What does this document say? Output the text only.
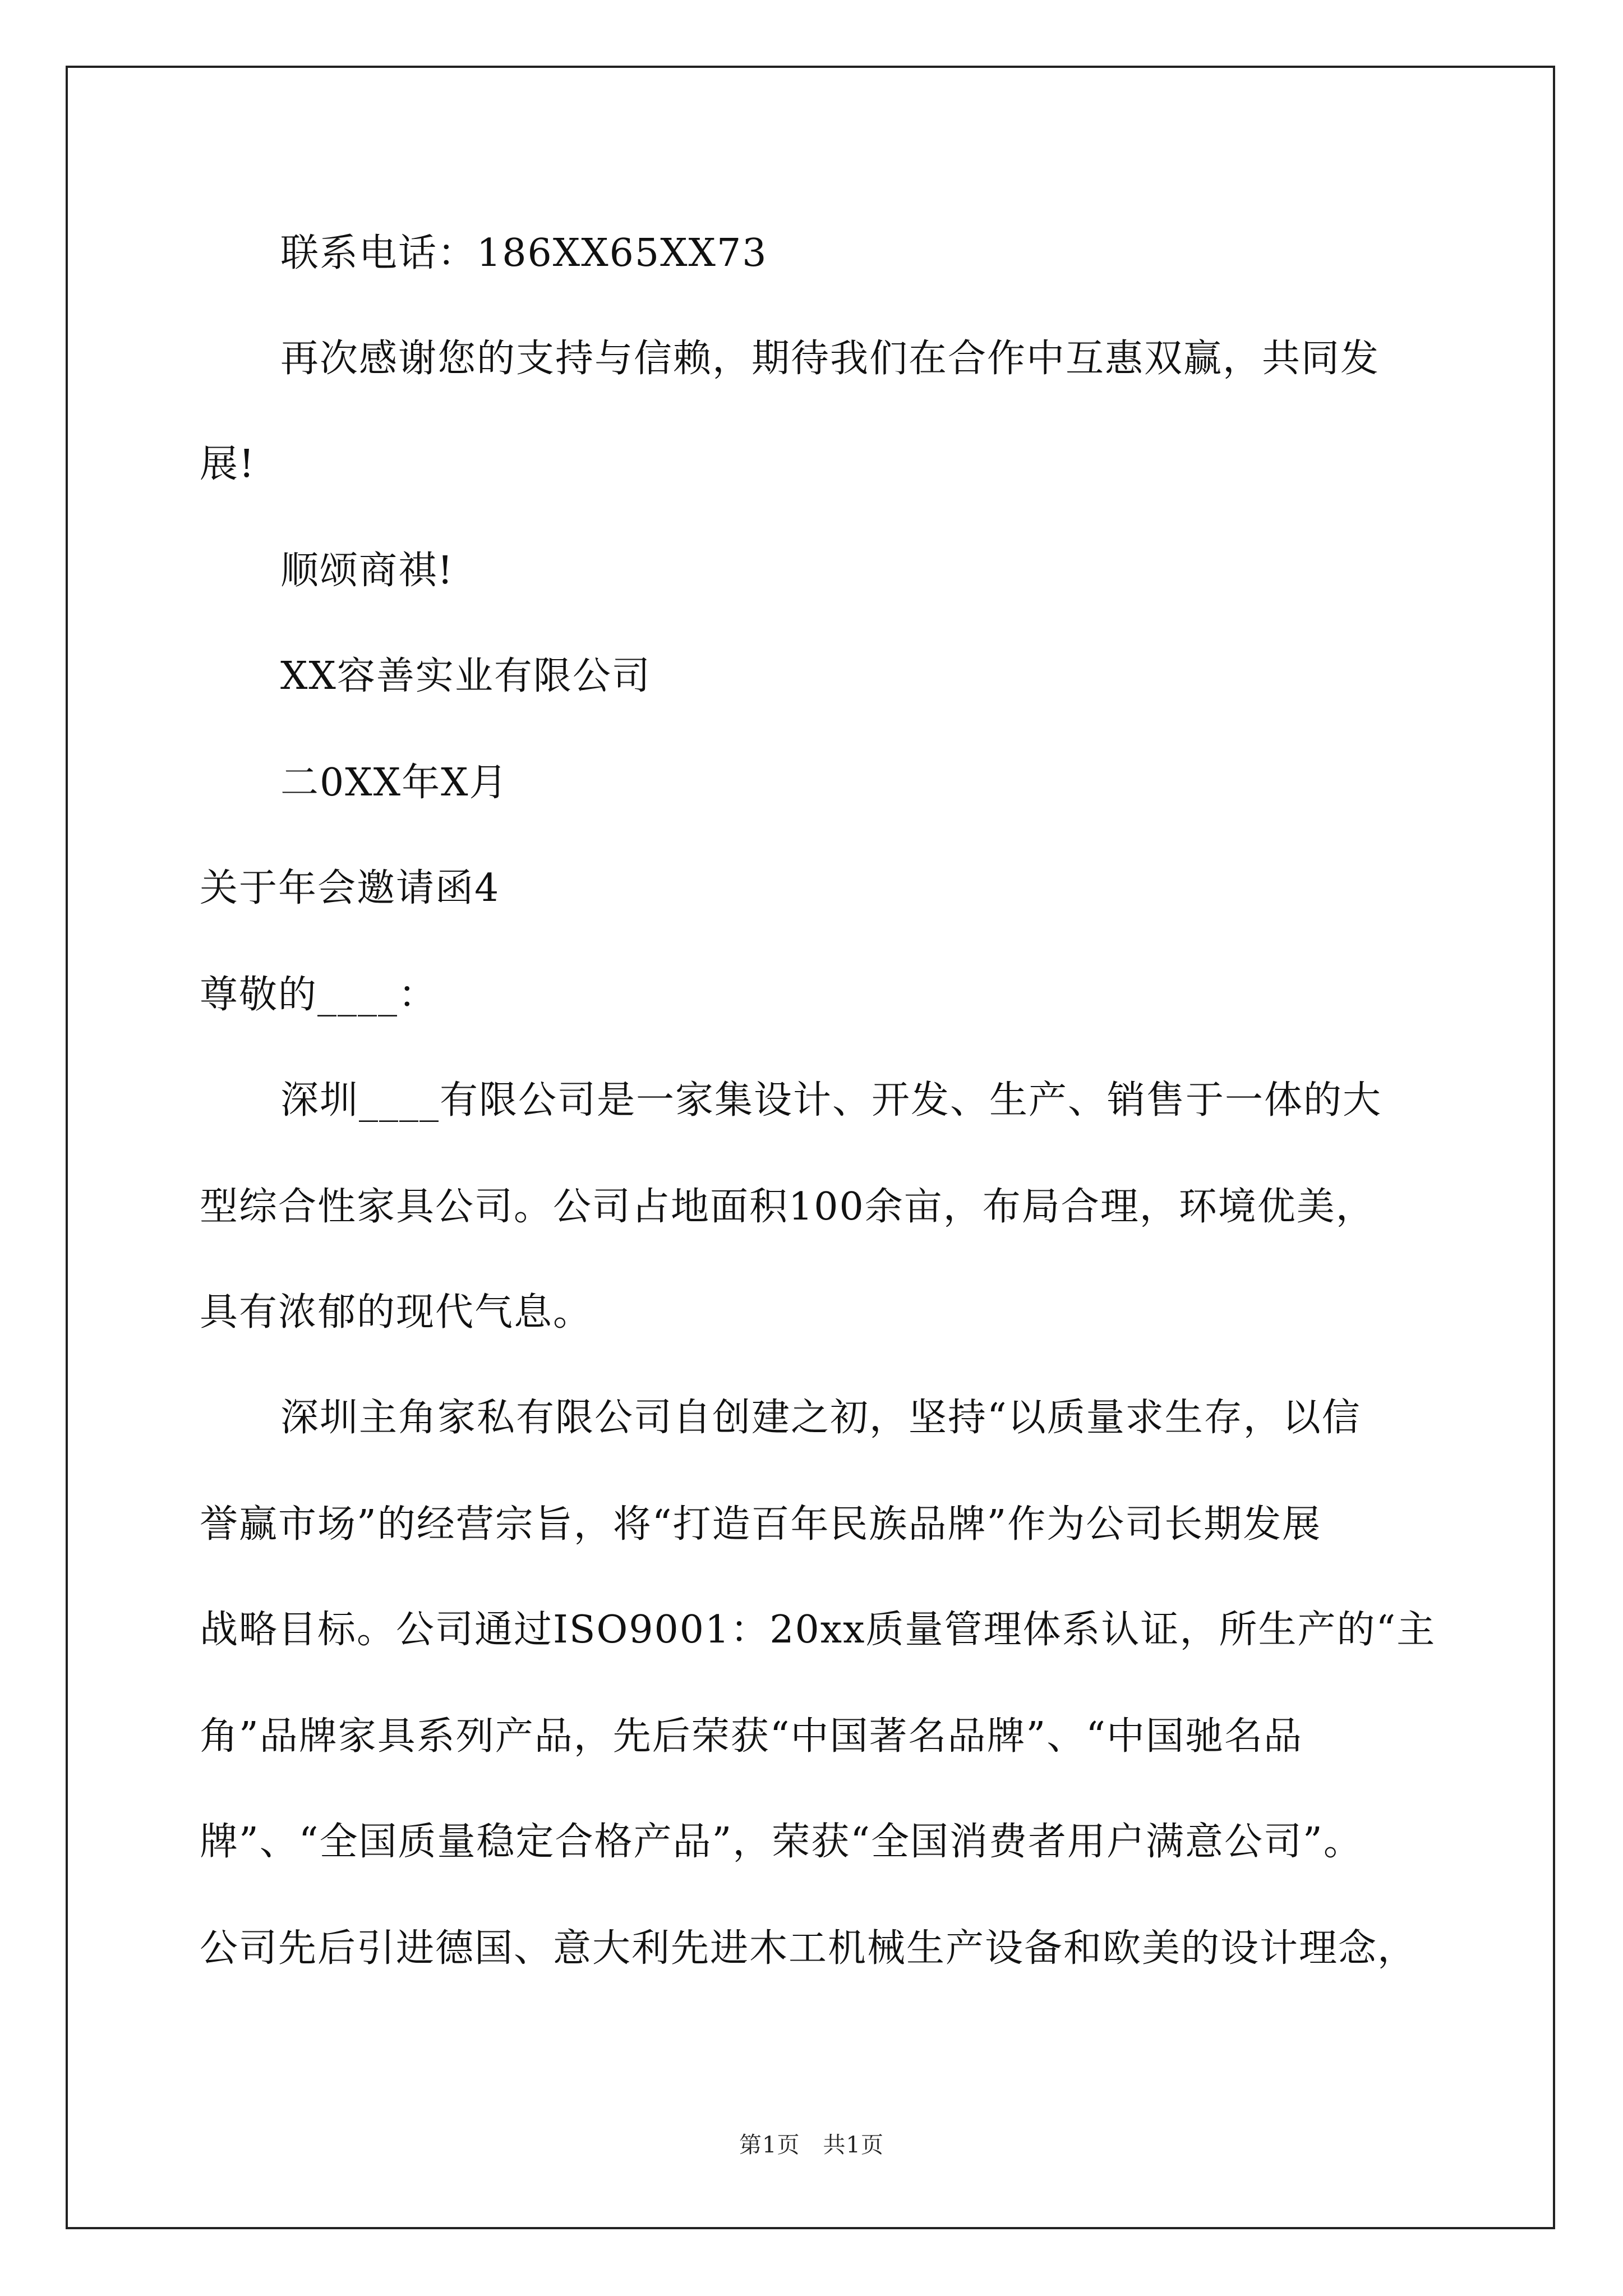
联系电话：186XX65XX73
再次感谢您的支持与信赖，期待我们在合作中互惠双赢，共同发
展!
顺颂商祺!
XX容善实业有限公司
二0XX年X月
关于年会邀请函4
尊敬的____：
深圳____有限公司是一家集设计、开发、生产、销售于一体的大
型综合性家具公司。公司占地面积100余亩，布局合理，环境优美，
具有浓郁的现代气息。
深圳主角家私有限公司自创建之初，坚持“以质量求生存，以信
誉赢市场”的经营宗旨，将“打造百年民族品牌”作为公司长期发展
战略目标。公司通过ISO9001：20xx质量管理体系认证，所生产的“主
角”品牌家具系列产品，先后荣获“中国著名品牌”、“中国驰名品
牌”、“全国质量稳定合格产品”，荣获“全国消费者用户满意公司”。
公司先后引进德国、意大利先进木工机械生产设备和欧美的设计理念，
第1页　共1页
